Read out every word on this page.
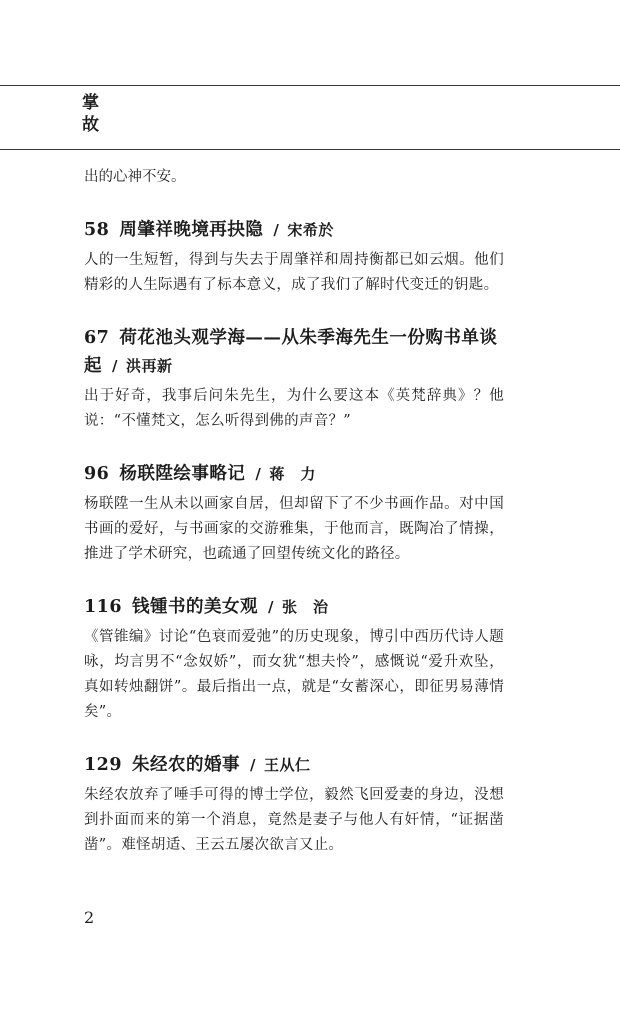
掌
故

出的心神不安。

58 周肇祥晚境再抉隐 / 宋希於

人的一生短暂，得到与失去于周肇祥和周持衡都已如云烟。他们精彩的人生际遇有了标本意义，成了我们了解时代变迁的钥匙。

67 荷花池头观学海——从朱季海先生一份购书单谈起 / 洪再新

出于好奇，我事后问朱先生，为什么要这本《英梵辞典》？他说：“不懂梵文，怎么听得到佛的声音？”

96 杨联陞绘事略记 / 蒋　力

杨联陞一生从未以画家自居，但却留下了不少书画作品。对中国书画的爱好，与书画家的交游雅集，于他而言，既陶冶了情操，推进了学术研究，也疏通了回望传统文化的路径。

116 钱锺书的美女观 / 张　治

《管锥编》讨论“色衰而爱弛”的历史现象，博引中西历代诗人题咏，均言男不“念奴娇”，而女犹“想夫怜”，感慨说“爱升欢坠，真如转烛翻饼”。最后指出一点，就是“女蓄深心，即征男易薄情矣”。

129 朱经农的婚事 / 王从仁

朱经农放弃了唾手可得的博士学位，毅然飞回爱妻的身边，没想到扑面而来的第一个消息，竟然是妻子与他人有奸情，“证据凿凿”。难怪胡适、王云五屡次欲言又止。

2
